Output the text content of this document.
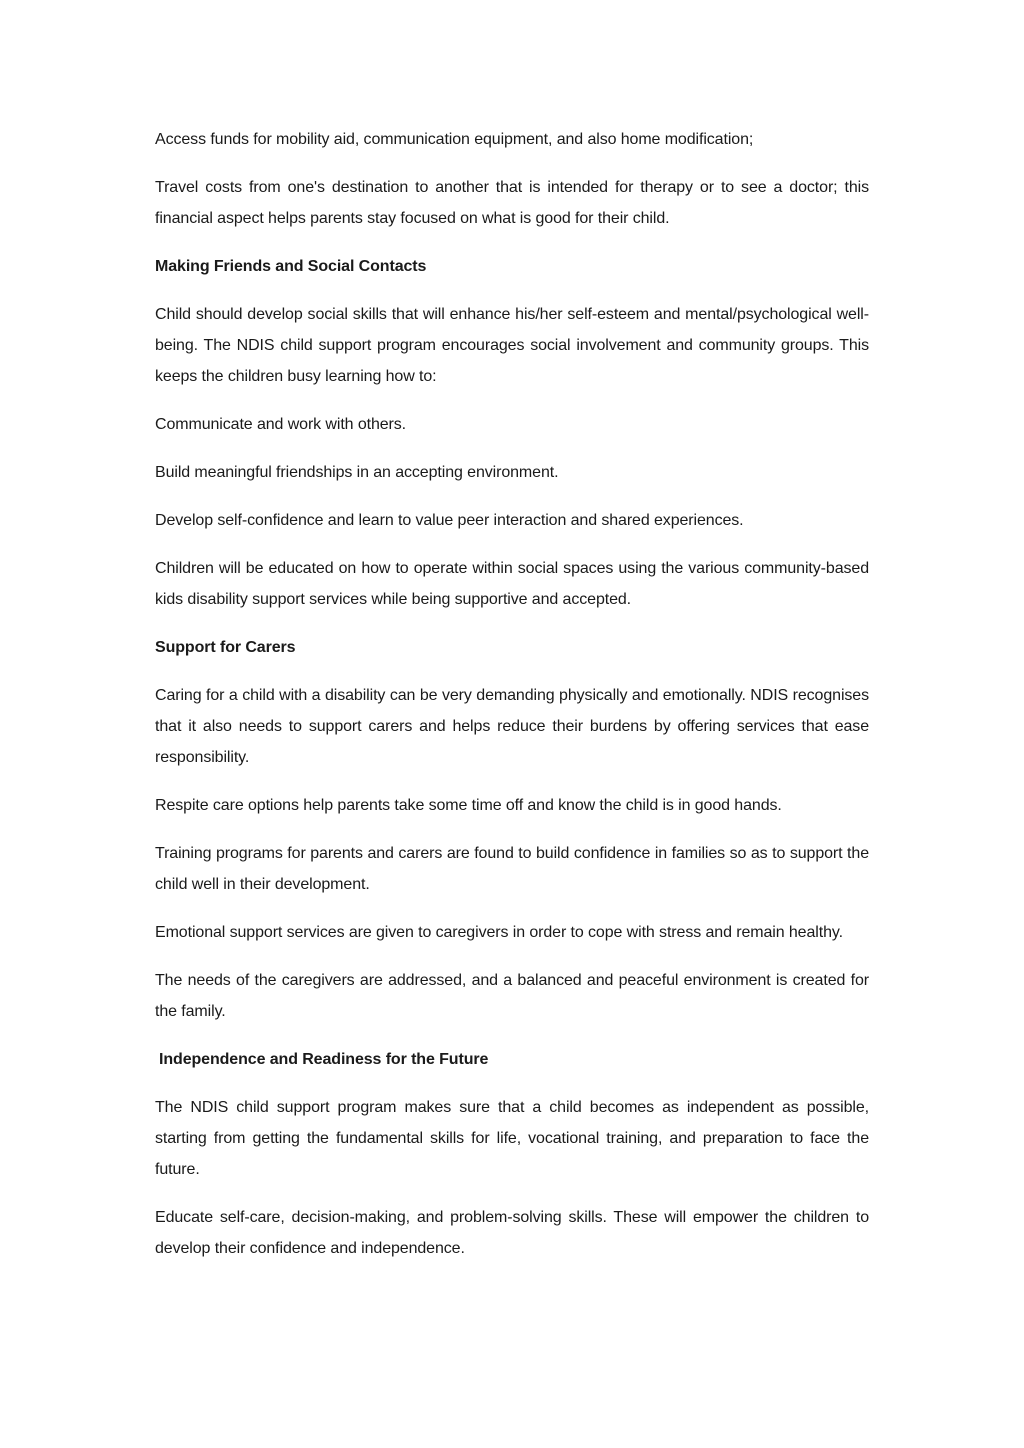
Access funds for mobility aid, communication equipment, and also home modification;

Travel costs from one's destination to another that is intended for therapy or to see a doctor; this financial aspect helps parents stay focused on what is good for their child.

Making Friends and Social Contacts

Child should develop social skills that will enhance his/her self-esteem and mental/psychological well-being. The NDIS child support program encourages social involvement and community groups. This keeps the children busy learning how to:

Communicate and work with others.

Build meaningful friendships in an accepting environment.

Develop self-confidence and learn to value peer interaction and shared experiences.

Children will be educated on how to operate within social spaces using the various community-based kids disability support services while being supportive and accepted.

Support for Carers

Caring for a child with a disability can be very demanding physically and emotionally. NDIS recognises that it also needs to support carers and helps reduce their burdens by offering services that ease responsibility.

Respite care options help parents take some time off and know the child is in good hands.

Training programs for parents and carers are found to build confidence in families so as to support the child well in their development.

Emotional support services are given to caregivers in order to cope with stress and remain healthy.

The needs of the caregivers are addressed, and a balanced and peaceful environment is created for the family.

Independence and Readiness for the Future

The NDIS child support program makes sure that a child becomes as independent as possible, starting from getting the fundamental skills for life, vocational training, and preparation to face the future.

Educate self-care, decision-making, and problem-solving skills. These will empower the children to develop their confidence and independence.
